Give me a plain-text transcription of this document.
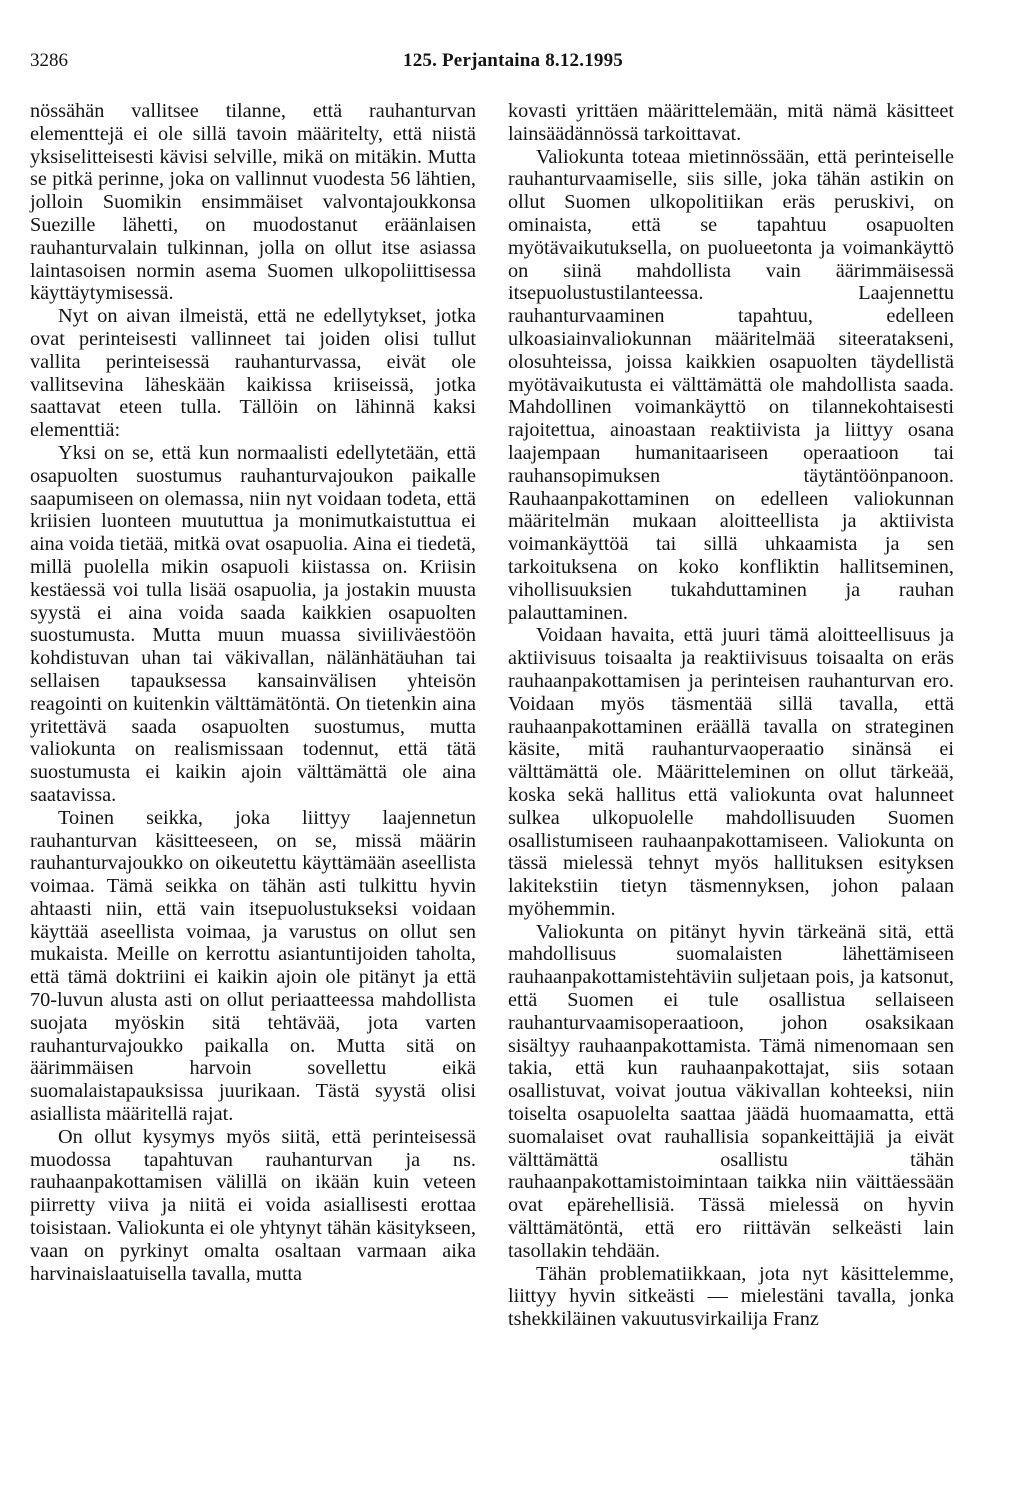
3286	125. Perjantaina 8.12.1995

nössähän vallitsee tilanne, että rauhanturvan elementtejä ei ole sillä tavoin määritelty, että niistä yksiselitteisesti kävisi selville, mikä on mitäkin. Mutta se pitkä perinne, joka on vallinnut vuodesta 56 lähtien, jolloin Suomikin ensimmäiset valvontajoukkonsa Suezille lähetti, on muodostanut eräänlaisen rauhanturvalain tulkinnan, jolla on ollut itse asiassa laintasoisen normin asema Suomen ulkopoliittisessa käyttäytymisessä.

Nyt on aivan ilmeistä, että ne edellytykset, jotka ovat perinteisesti vallinneet tai joiden olisi tullut vallita perinteisessä rauhanturvassa, eivät ole vallitsevina läheskään kaikissa kriiseissä, jotka saattavat eteen tulla. Tällöin on lähinnä kaksi elementtiä:

Yksi on se, että kun normaalisti edellytetään, että osapuolten suostumus rauhanturvajoukon paikalle saapumiseen on olemassa, niin nyt voidaan todeta, että kriisien luonteen muututtua ja monimutkaistuttua ei aina voida tietää, mitkä ovat osapuolia. Aina ei tiedetä, millä puolella mikin osapuoli kiistassa on. Kriisin kestäessä voi tulla lisää osapuolia, ja jostakin muusta syystä ei aina voida saada kaikkien osapuolten suostumusta. Mutta muun muassa siviiliväestöön kohdistuvan uhan tai väkivallan, nälänhätäuhan tai sellaisen tapauksessa kansainvälisen yhteisön reagointi on kuitenkin välttämätöntä. On tietenkin aina yritettävä saada osapuolten suostumus, mutta valiokunta on realismissaan todennut, että tätä suostumusta ei kaikin ajoin välttämättä ole aina saatavissa.

Toinen seikka, joka liittyy laajennetun rauhanturvan käsitteeseen, on se, missä määrin rauhanturvajoukko on oikeutettu käyttämään aseellista voimaa. Tämä seikka on tähän asti tulkittu hyvin ahtaasti niin, että vain itsepuolustukseksi voidaan käyttää aseellista voimaa, ja varustus on ollut sen mukaista. Meille on kerrottu asiantuntijoiden taholta, että tämä doktriini ei kaikin ajoin ole pitänyt ja että 70-luvun alusta asti on ollut periaatteessa mahdollista suojata myöskin sitä tehtävää, jota varten rauhanturvajoukko paikalla on. Mutta sitä on äärimmäisen harvoin sovellettu eikä suomalaistapauksissa juurikaan. Tästä syystä olisi asiallista määritellä rajat.

On ollut kysymys myös siitä, että perinteisessä muodossa tapahtuvan rauhanturvan ja ns. rauhaanpakottamisen välillä on ikään kuin veteen piirretty viiva ja niitä ei voida asiallisesti erottaa toisistaan. Valiokunta ei ole yhtynyt tähän käsitykseen, vaan on pyrkinyt omalta osaltaan varmaan aika harvinaislaatuisella tavalla, mutta

kovasti yrittäen määrittelemään, mitä nämä käsitteet lainsäädännössä tarkoittavat.

Valiokunta toteaa mietinnössään, että perinteiselle rauhanturvaamiselle, siis sille, joka tähän astikin on ollut Suomen ulkopolitiikan eräs peruskivi, on ominaista, että se tapahtuu osapuolten myötävaikutuksella, on puolueetonta ja voimankäyttö on siinä mahdollista vain äärimmäisessä itsepuolustustilanteessa. Laajennettu rauhanturvaaminen tapahtuu, edelleen ulkoasiainvaliokunnan määritelmää siteeratakseni, olosuhteissa, joissa kaikkien osapuolten täydellistä myötävaikutusta ei välttämättä ole mahdollista saada. Mahdollinen voimankäyttö on tilannekohtaisesti rajoitettua, ainoastaan reaktiivista ja liittyy osana laajempaan humanitaariseen operaatioon tai rauhansopimuksen täytäntöönpanoon. Rauhaanpakottaminen on edelleen valiokunnan määritelmän mukaan aloitteellista ja aktiivista voimankäyttöä tai sillä uhkaamista ja sen tarkoituksena on koko konfliktin hallitseminen, vihollisuuksien tukahduttaminen ja rauhan palauttaminen.

Voidaan havaita, että juuri tämä aloitteellisuus ja aktiivisuus toisaalta ja reaktiivisuus toisaalta on eräs rauhaanpakottamisen ja perinteisen rauhanturvan ero. Voidaan myös täsmentää sillä tavalla, että rauhaanpakottaminen eräällä tavalla on strateginen käsite, mitä rauhanturvaoperaatio sinänsä ei välttämättä ole. Määritteleminen on ollut tärkeää, koska sekä hallitus että valiokunta ovat halunneet sulkea ulkopuolelle mahdollisuuden Suomen osallistumiseen rauhaanpakottamiseen. Valiokunta on tässä mielessä tehnyt myös hallituksen esityksen lakitekstiin tietyn täsmennyksen, johon palaan myöhemmin.

Valiokunta on pitänyt hyvin tärkeänä sitä, että mahdollisuus suomalaisten lähettämiseen rauhaanpakottamistehtäviin suljetaan pois, ja katsonut, että Suomen ei tule osallistua sellaiseen rauhanturvaamisoperaatioon, johon osaksikaan sisältyy rauhaanpakottamista. Tämä nimenomaan sen takia, että kun rauhaanpakottajat, siis sotaan osallistuvat, voivat joutua väkivallan kohteeksi, niin toiselta osapuolelta saattaa jäädä huomaamatta, että suomalaiset ovat rauhallisia sopankeittäjiä ja eivät välttämättä osallistu tähän rauhaanpakottamistoimintaan taikka niin väittäessään ovat epärehellisiä. Tässä mielessä on hyvin välttämätöntä, että ero riittävän selkeästi lain tasollakin tehdään.

Tähän problematiikkaan, jota nyt käsittelemme, liittyy hyvin sitkeästi — mielestäni tavalla, jonka tshekkiläinen vakuutusvirkailija Franz
